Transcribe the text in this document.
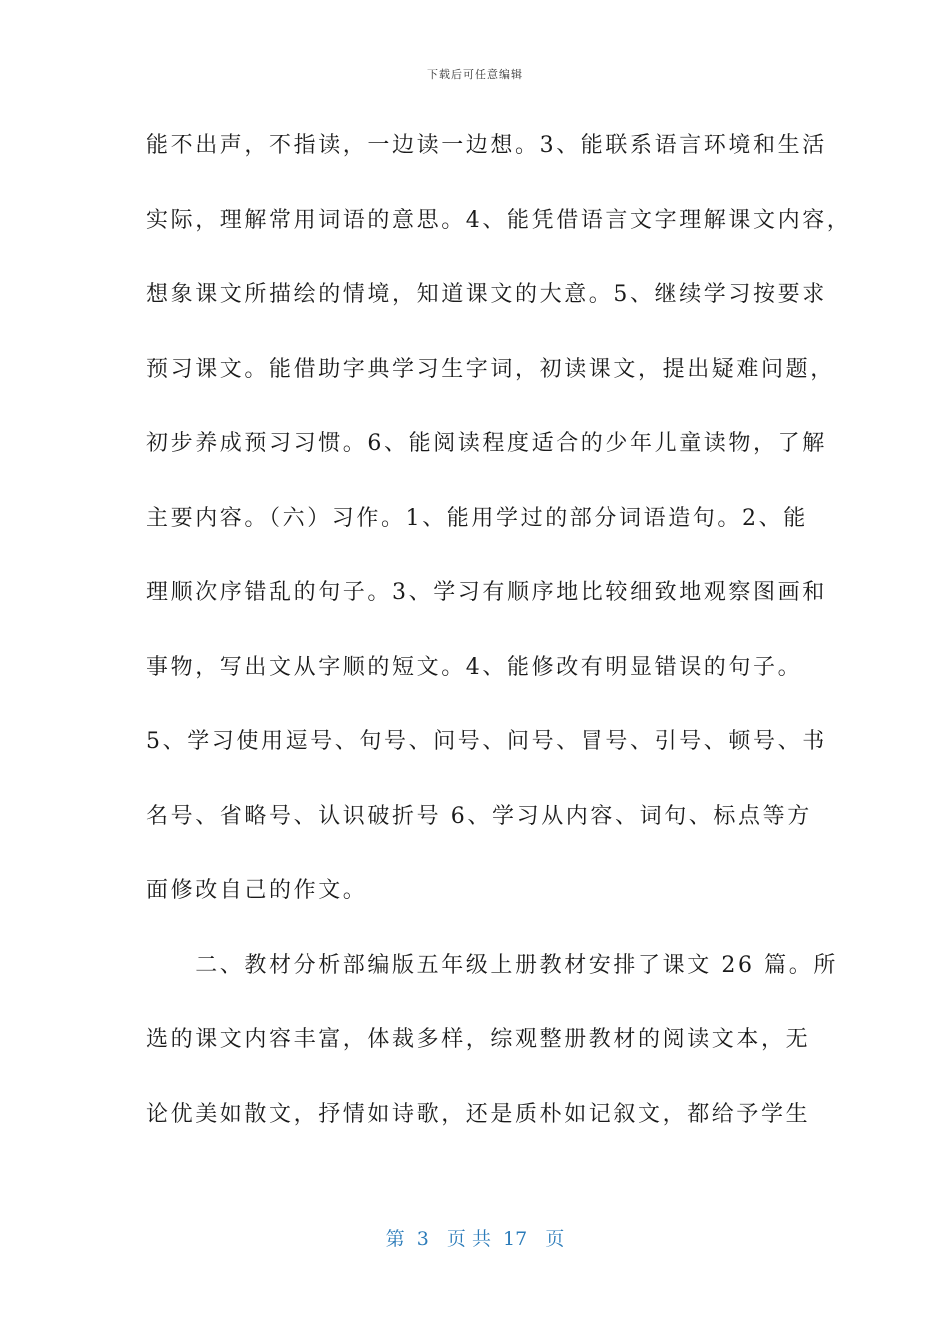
下载后可任意编辑
能不出声，不指读，一边读一边想。3、能联系语言环境和生活
实际，理解常用词语的意思。4、能凭借语言文字理解课文内容，
想象课文所描绘的情境，知道课文的大意。5、继续学习按要求
预习课文。能借助字典学习生字词，初读课文，提出疑难问题，
初步养成预习习惯。6、能阅读程度适合的少年儿童读物，了解
主要内容。（六）习作。1、能用学过的部分词语造句。2、能
理顺次序错乱的句子。3、学习有顺序地比较细致地观察图画和
事物，写出文从字顺的短文。4、能修改有明显错误的句子。
5、学习使用逗号、句号、问号、问号、冒号、引号、顿号、书
名号、省略号、认识破折号 6、学习从内容、词句、标点等方
面修改自己的作文。
　　二、教材分析部编版五年级上册教材安排了课文 26 篇。所
选的课文内容丰富，体裁多样，综观整册教材的阅读文本，无
论优美如散文，抒情如诗歌，还是质朴如记叙文，都给予学生
第  3   页 共  17   页
